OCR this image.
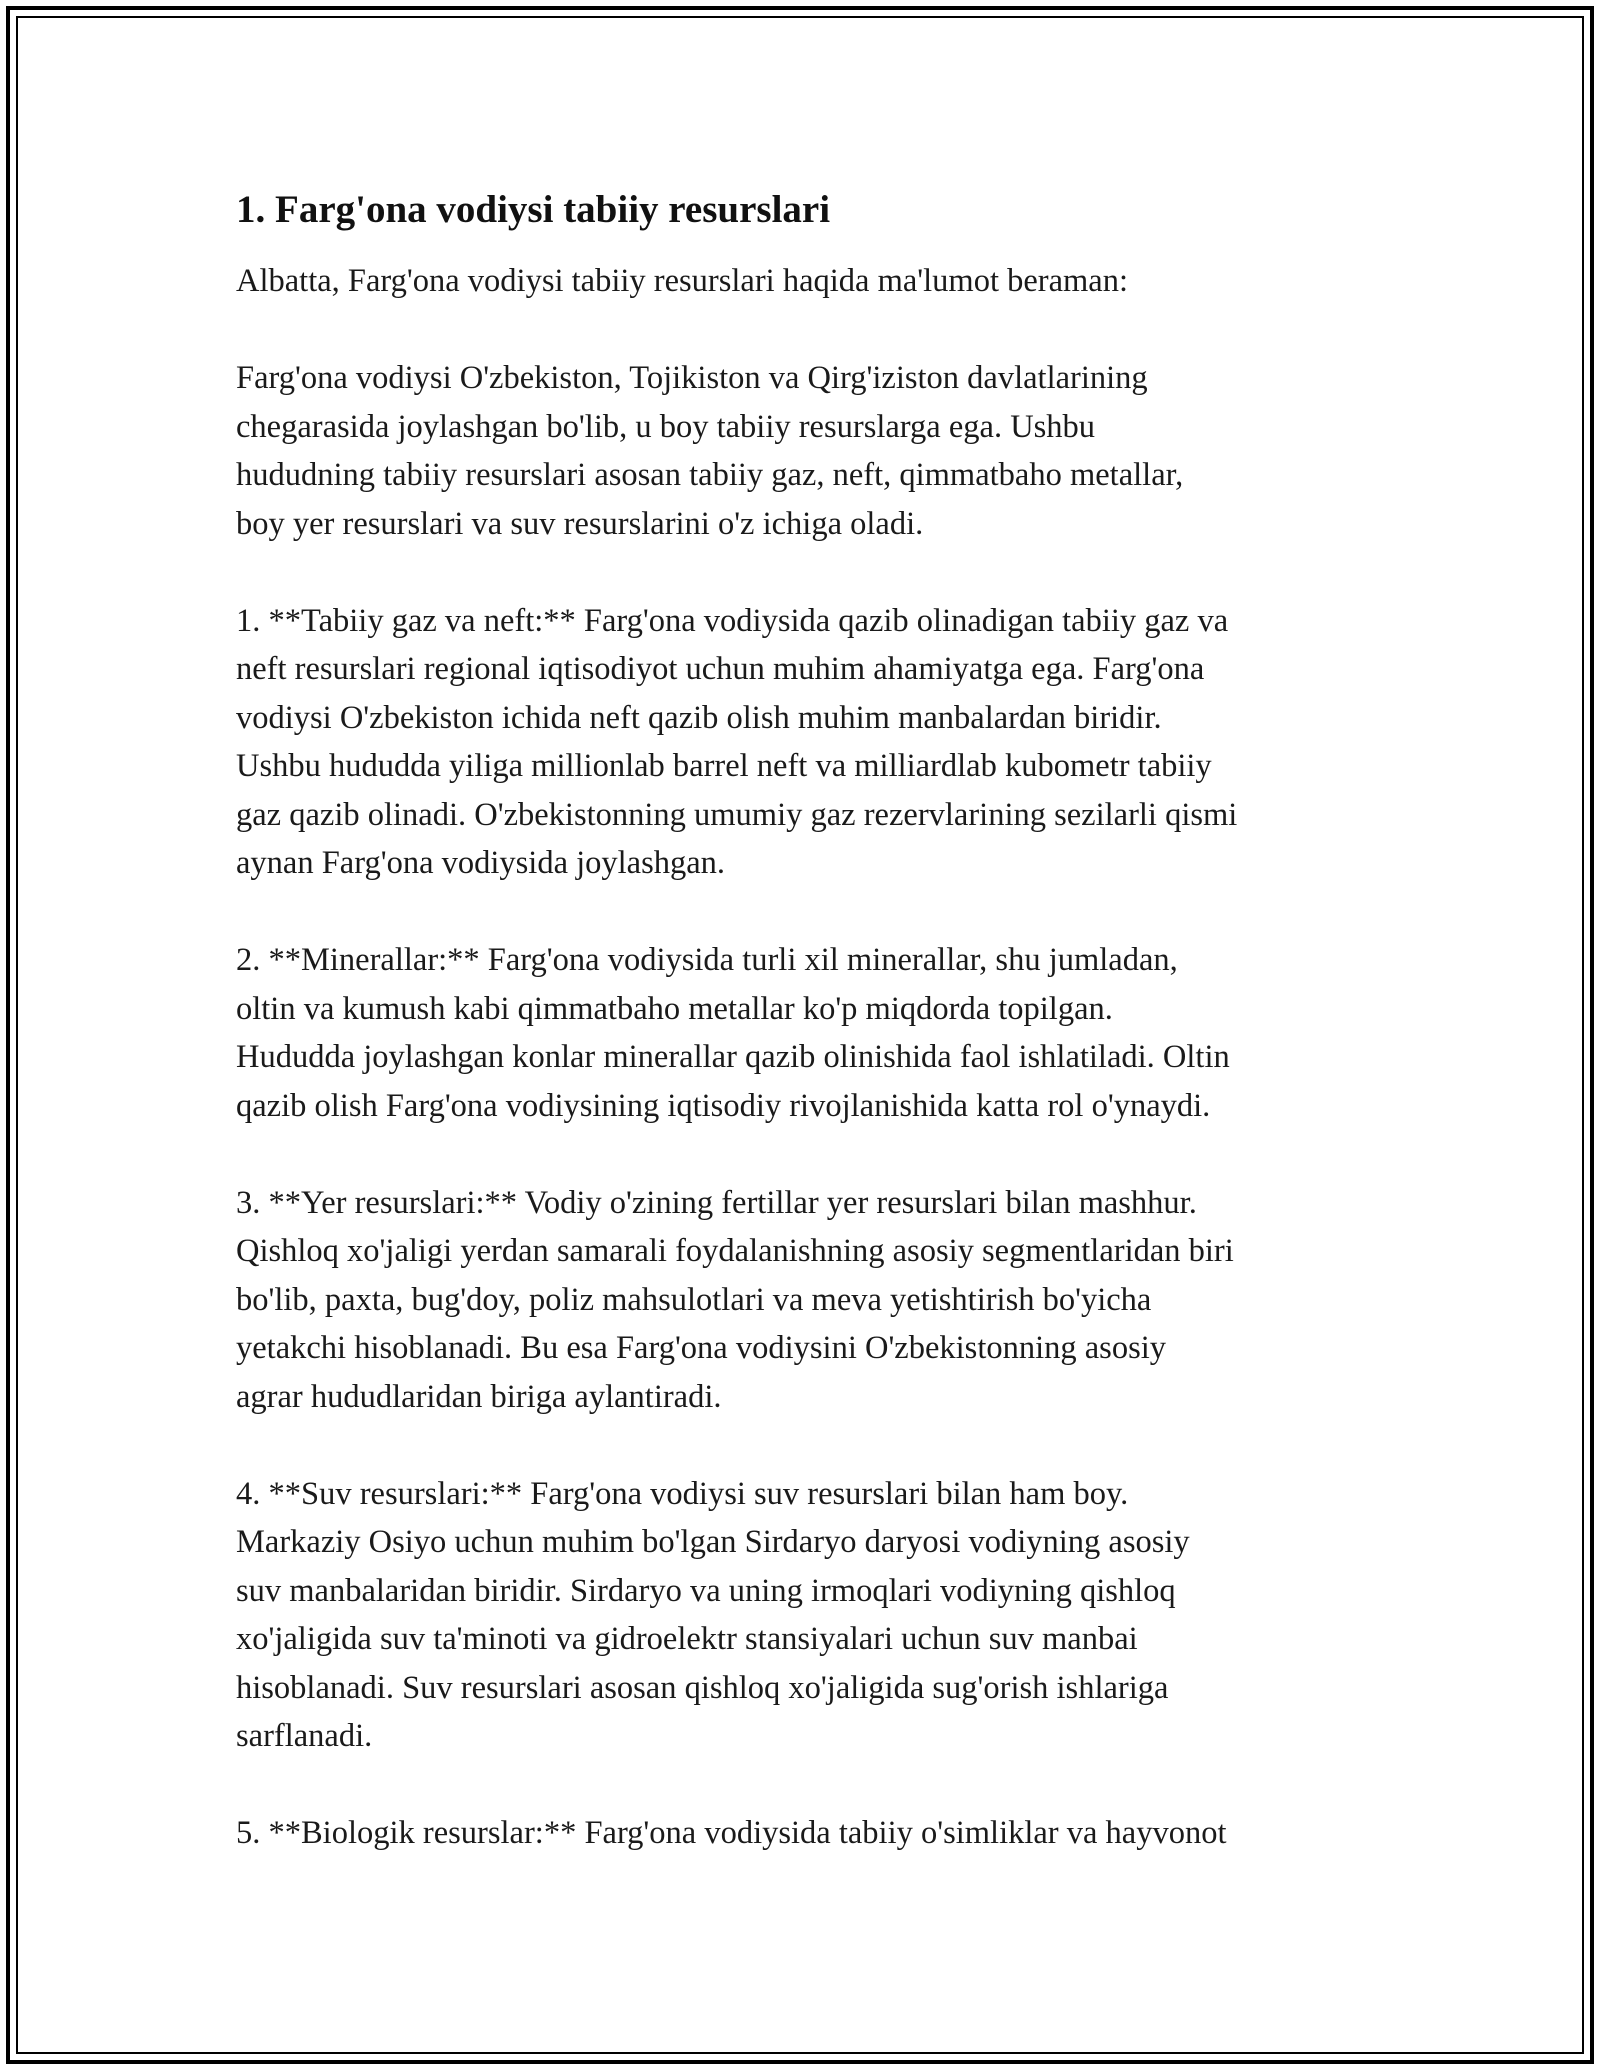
1. Farg'ona vodiysi tabiiy resurslari

Albatta, Farg'ona vodiysi tabiiy resurslari haqida ma'lumot beraman:

Farg'ona vodiysi O'zbekiston, Tojikiston va Qirg'iziston davlatlarining
chegarasida joylashgan bo'lib, u boy tabiiy resurslarga ega. Ushbu
hududning tabiiy resurslari asosan tabiiy gaz, neft, qimmatbaho metallar,
boy yer resurslari va suv resurslarini o'z ichiga oladi.

1. **Tabiiy gaz va neft:** Farg'ona vodiysida qazib olinadigan tabiiy gaz va
neft resurslari regional iqtisodiyot uchun muhim ahamiyatga ega. Farg'ona
vodiysi O'zbekiston ichida neft qazib olish muhim manbalardan biridir.
Ushbu hududda yiliga millionlab barrel neft va milliardlab kubometr tabiiy
gaz qazib olinadi. O'zbekistonning umumiy gaz rezervlarining sezilarli qismi
aynan Farg'ona vodiysida joylashgan.

2. **Minerallar:** Farg'ona vodiysida turli xil minerallar, shu jumladan,
oltin va kumush kabi qimmatbaho metallar ko'p miqdorda topilgan.
Hududda joylashgan konlar minerallar qazib olinishida faol ishlatiladi. Oltin
qazib olish Farg'ona vodiysining iqtisodiy rivojlanishida katta rol o'ynaydi.

3. **Yer resurslari:** Vodiy o'zining fertillar yer resurslari bilan mashhur.
Qishloq xo'jaligi yerdan samarali foydalanishning asosiy segmentlaridan biri
bo'lib, paxta, bug'doy, poliz mahsulotlari va meva yetishtirish bo'yicha
yetakchi hisoblanadi. Bu esa Farg'ona vodiysini O'zbekistonning asosiy
agrar hududlaridan biriga aylantiradi.

4. **Suv resurslari:** Farg'ona vodiysi suv resurslari bilan ham boy.
Markaziy Osiyo uchun muhim bo'lgan Sirdaryo daryosi vodiyning asosiy
suv manbalaridan biridir. Sirdaryo va uning irmoqlari vodiyning qishloq
xo'jaligida suv ta'minoti va gidroelektr stansiyalari uchun suv manbai
hisoblanadi. Suv resurslari asosan qishloq xo'jaligida sug'orish ishlariga
sarflanadi.

5. **Biologik resurslar:** Farg'ona vodiysida tabiiy o'simliklar va hayvonot
